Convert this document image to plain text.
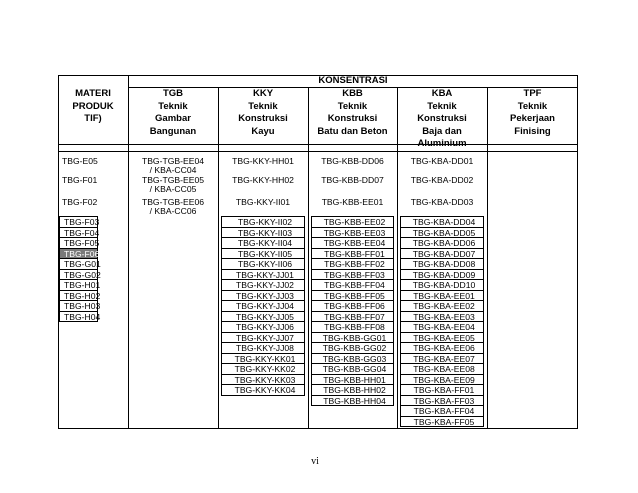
KONSENTRASI
MATERI
PRODUK
TIF)
TGB
Teknik
Gambar
Bangunan
KKY
Teknik
Konstruksi
Kayu
KBB
Teknik
Konstruksi
Batu dan Beton
KBA
Teknik
Konstruksi
Baja dan
Aluminium
TPF
Teknik
Pekerjaan
Finising
TBG-E05
TBG-F01
TBG-F02
TBG-F03
TBG-F04
TBG-F05
TBG-F06
TBG-G01
TBG-G02
TBG-H01
TBG-H02
TBG-H03
TBG-H04
TBG-TGB-EE04
/ KBA-CC04
TBG-TGB-EE05
/ KBA-CC05
TBG-TGB-EE06
/ KBA-CC06
TBG-KKY-HH01
TBG-KKY-HH02
TBG-KKY-II01
TBG-KKY-II02
TBG-KKY-II03
TBG-KKY-II04
TBG-KKY-II05
TBG-KKY-II06
TBG-KKY-JJ01
TBG-KKY-JJ02
TBG-KKY-JJ03
TBG-KKY-JJ04
TBG-KKY-JJ05
TBG-KKY-JJ06
TBG-KKY-JJ07
TBG-KKY-JJ08
TBG-KKY-KK01
TBG-KKY-KK02
TBG-KKY-KK03
TBG-KKY-KK04
TBG-KBB-DD06
TBG-KBB-DD07
TBG-KBB-EE01
TBG-KBB-EE02
TBG-KBB-EE03
TBG-KBB-EE04
TBG-KBB-FF01
TBG-KBB-FF02
TBG-KBB-FF03
TBG-KBB-FF04
TBG-KBB-FF05
TBG-KBB-FF06
TBG-KBB-FF07
TBG-KBB-FF08
TBG-KBB-GG01
TBG-KBB-GG02
TBG-KBB-GG03
TBG-KBB-GG04
TBG-KBB-HH01
TBG-KBB-HH02
TBG-KBB-HH04
TBG-KBA-DD01
TBG-KBA-DD02
TBG-KBA-DD03
TBG-KBA-DD04
TBG-KBA-DD05
TBG-KBA-DD06
TBG-KBA-DD07
TBG-KBA-DD08
TBG-KBA-DD09
TBG-KBA-DD10
TBG-KBA-EE01
TBG-KBA-EE02
TBG-KBA-EE03
TBG-KBA-EE04
TBG-KBA-EE05
TBG-KBA-EE06
TBG-KBA-EE07
TBG-KBA-EE08
TBG-KBA-EE09
TBG-KBA-FF01
TBG-KBA-FF03
TBG-KBA-FF04
TBG-KBA-FF05
vi
